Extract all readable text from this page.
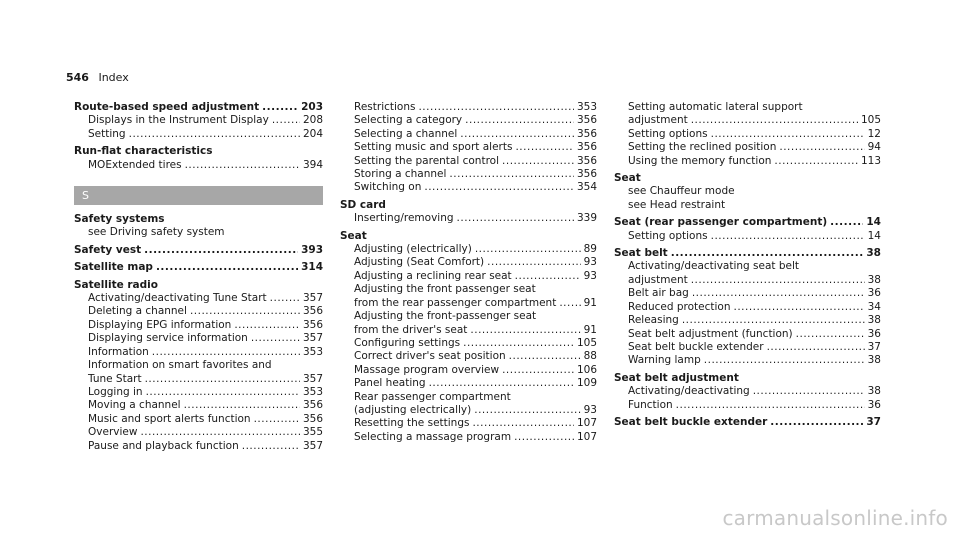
546 Index
Route-based speed adjustment .....	203
Displays in the Instrument Display .....	208
Setting .....	204
Run-flat characteristics
MOExtended tires .....	394
S
Safety systems
see Driving safety system
Safety vest .....	393
Satellite map .....	314
Satellite radio
Activating/deactivating Tune Start .....	357
Deleting a channel .....	356
Displaying EPG information .....	356
Displaying service information .....	357
Information .....	353
Information on smart favorites and
Tune Start .....	357
Logging in .....	353
Moving a channel .....	356
Music and sport alerts function .....	356
Overview .....	355
Pause and playback function .....	357
Restrictions .....	353
Selecting a category .....	356
Selecting a channel .....	356
Setting music and sport alerts .....	356
Setting the parental control .....	356
Storing a channel .....	356
Switching on .....	354
SD card
Inserting/removing .....	339
Seat
Adjusting (electrically) .....	89
Adjusting (Seat Comfort) .....	93
Adjusting a reclining rear seat .....	93
Adjusting the front passenger seat
from the rear passenger compartment .....	91
Adjusting the front-passenger seat
from the driver's seat .....	91
Configuring settings .....	105
Correct driver's seat position .....	88
Massage program overview .....	106
Panel heating .....	109
Rear passenger compartment
(adjusting electrically) .....	93
Resetting the settings .....	107
Selecting a massage program .....	107
Setting automatic lateral support
adjustment .....	105
Setting options .....	12
Setting the reclined position .....	94
Using the memory function .....	113
Seat
see Chauffeur mode
see Head restraint
Seat (rear passenger compartment) .....	14
Setting options .....	14
Seat belt .....	38
Activating/deactivating seat belt
adjustment .....	38
Belt air bag .....	36
Reduced protection .....	34
Releasing .....	38
Seat belt adjustment (function) .....	36
Seat belt buckle extender .....	37
Warning lamp .....	38
Seat belt adjustment
Activating/deactivating .....	38
Function .....	36
Seat belt buckle extender .....	37
carmanualsonline.info
